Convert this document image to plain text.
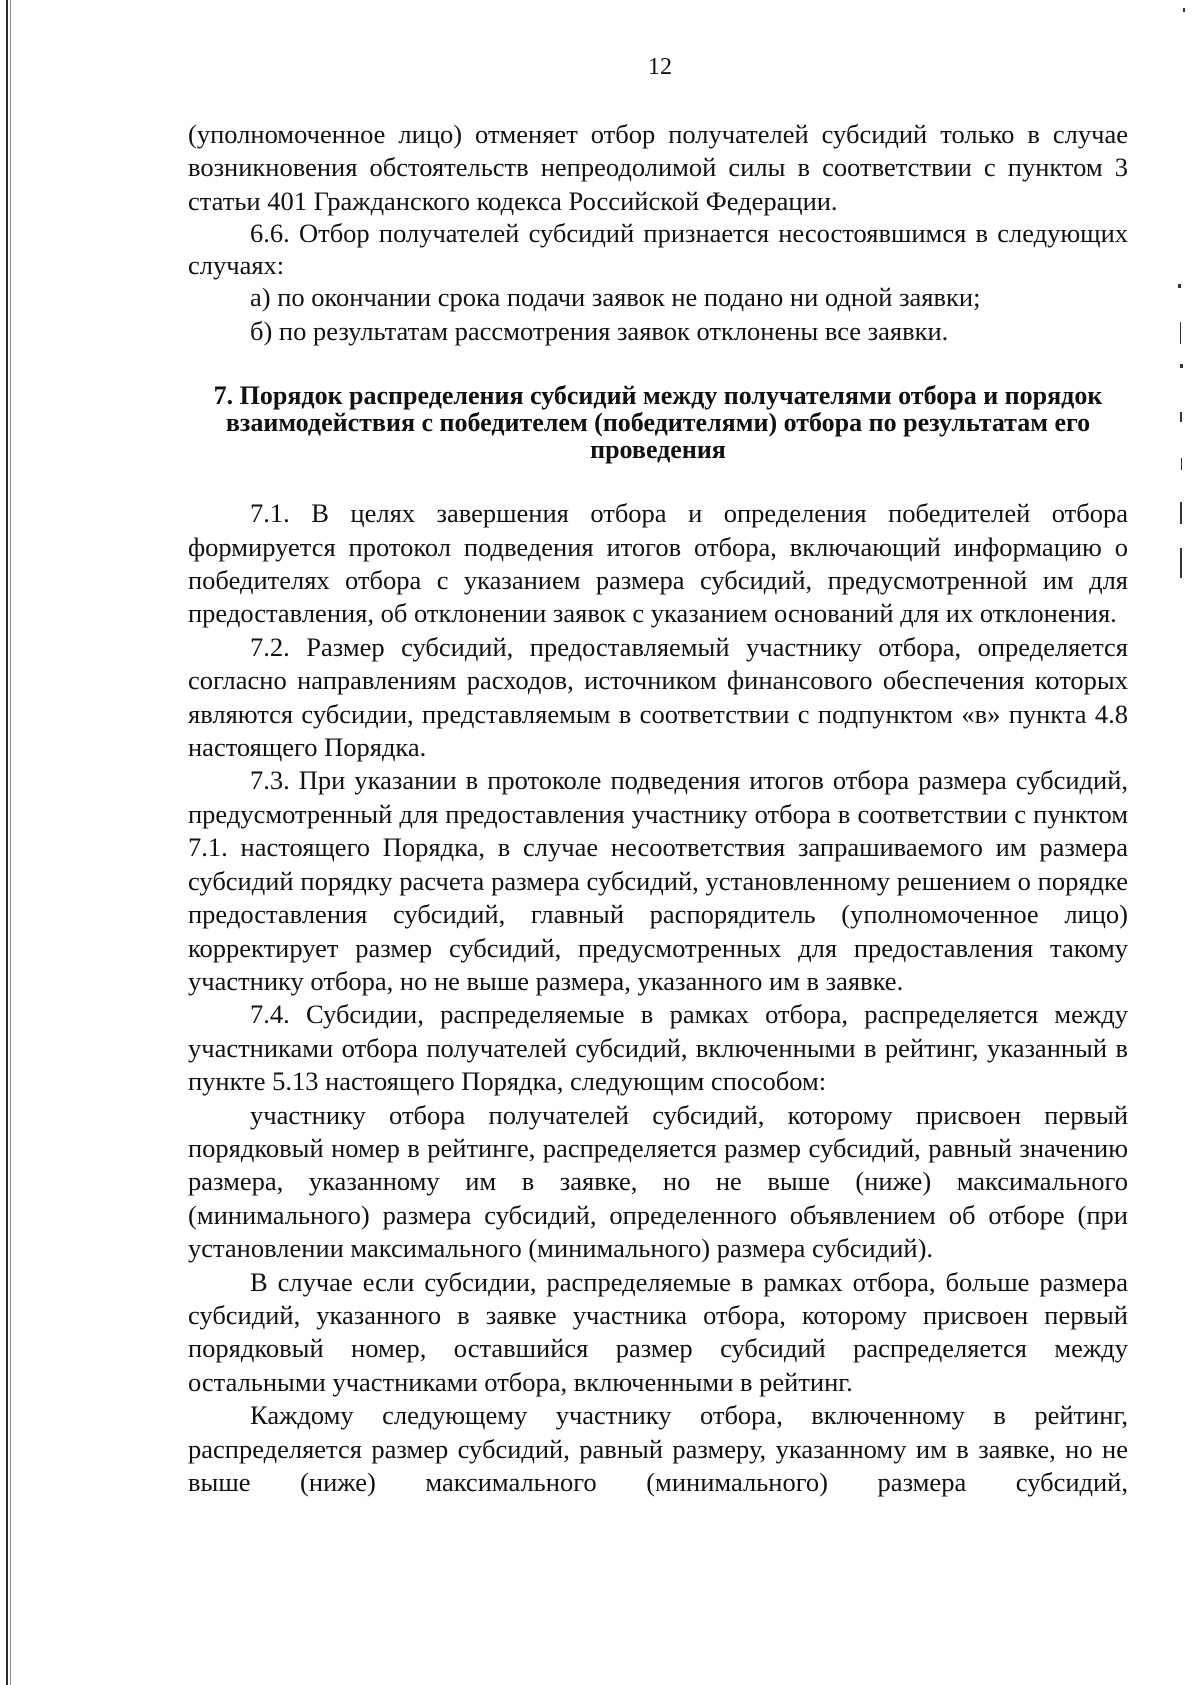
12

(уполномоченное лицо) отменяет отбор получателей субсидий только в случае возникновения обстоятельств непреодолимой силы в соответствии с пунктом 3 статьи 401 Гражданского кодекса Российской Федерации.

6.6. Отбор получателей субсидий признается несостоявшимся в следующих случаях:

а) по окончании срока подачи заявок не подано ни одной заявки;

б) по результатам рассмотрения заявок отклонены все заявки.

7. Порядок распределения субсидий между получателями отбора и порядок взаимодействия с победителем (победителями) отбора по результатам его проведения

7.1. В целях завершения отбора и определения победителей отбора формируется протокол подведения итогов отбора, включающий информацию о победителях отбора с указанием размера субсидий, предусмотренной им для предоставления, об отклонении заявок с указанием оснований для их отклонения.

7.2. Размер субсидий, предоставляемый участнику отбора, определяется согласно направлениям расходов, источником финансового обеспечения которых являются субсидии, представляемым в соответствии с подпунктом «в» пункта 4.8 настоящего Порядка.

7.3. При указании в протоколе подведения итогов отбора размера субсидий, предусмотренный для предоставления участнику отбора в соответствии с пунктом 7.1. настоящего Порядка, в случае несоответствия запрашиваемого им размера субсидий порядку расчета размера субсидий, установленному решением о порядке предоставления субсидий, главный распорядитель (уполномоченное лицо) корректирует размер субсидий, предусмотренных для предоставления такому участнику отбора, но не выше размера, указанного им в заявке.

7.4. Субсидии, распределяемые в рамках отбора, распределяется между участниками отбора получателей субсидий, включенными в рейтинг, указанный в пункте 5.13 настоящего Порядка, следующим способом:

участнику отбора получателей субсидий, которому присвоен первый порядковый номер в рейтинге, распределяется размер субсидий, равный значению размера, указанному им в заявке, но не выше (ниже) максимального (минимального) размера субсидий, определенного объявлением об отборе (при установлении максимального (минимального) размера субсидий).

В случае если субсидии, распределяемые в рамках отбора, больше размера субсидий, указанного в заявке участника отбора, которому присвоен первый порядковый номер, оставшийся размер субсидий распределяется между остальными участниками отбора, включенными в рейтинг.

Каждому следующему участнику отбора, включенному в рейтинг, распределяется размер субсидий, равный размеру, указанному им в заявке, но не выше (ниже) максимального (минимального) размера субсидий,
